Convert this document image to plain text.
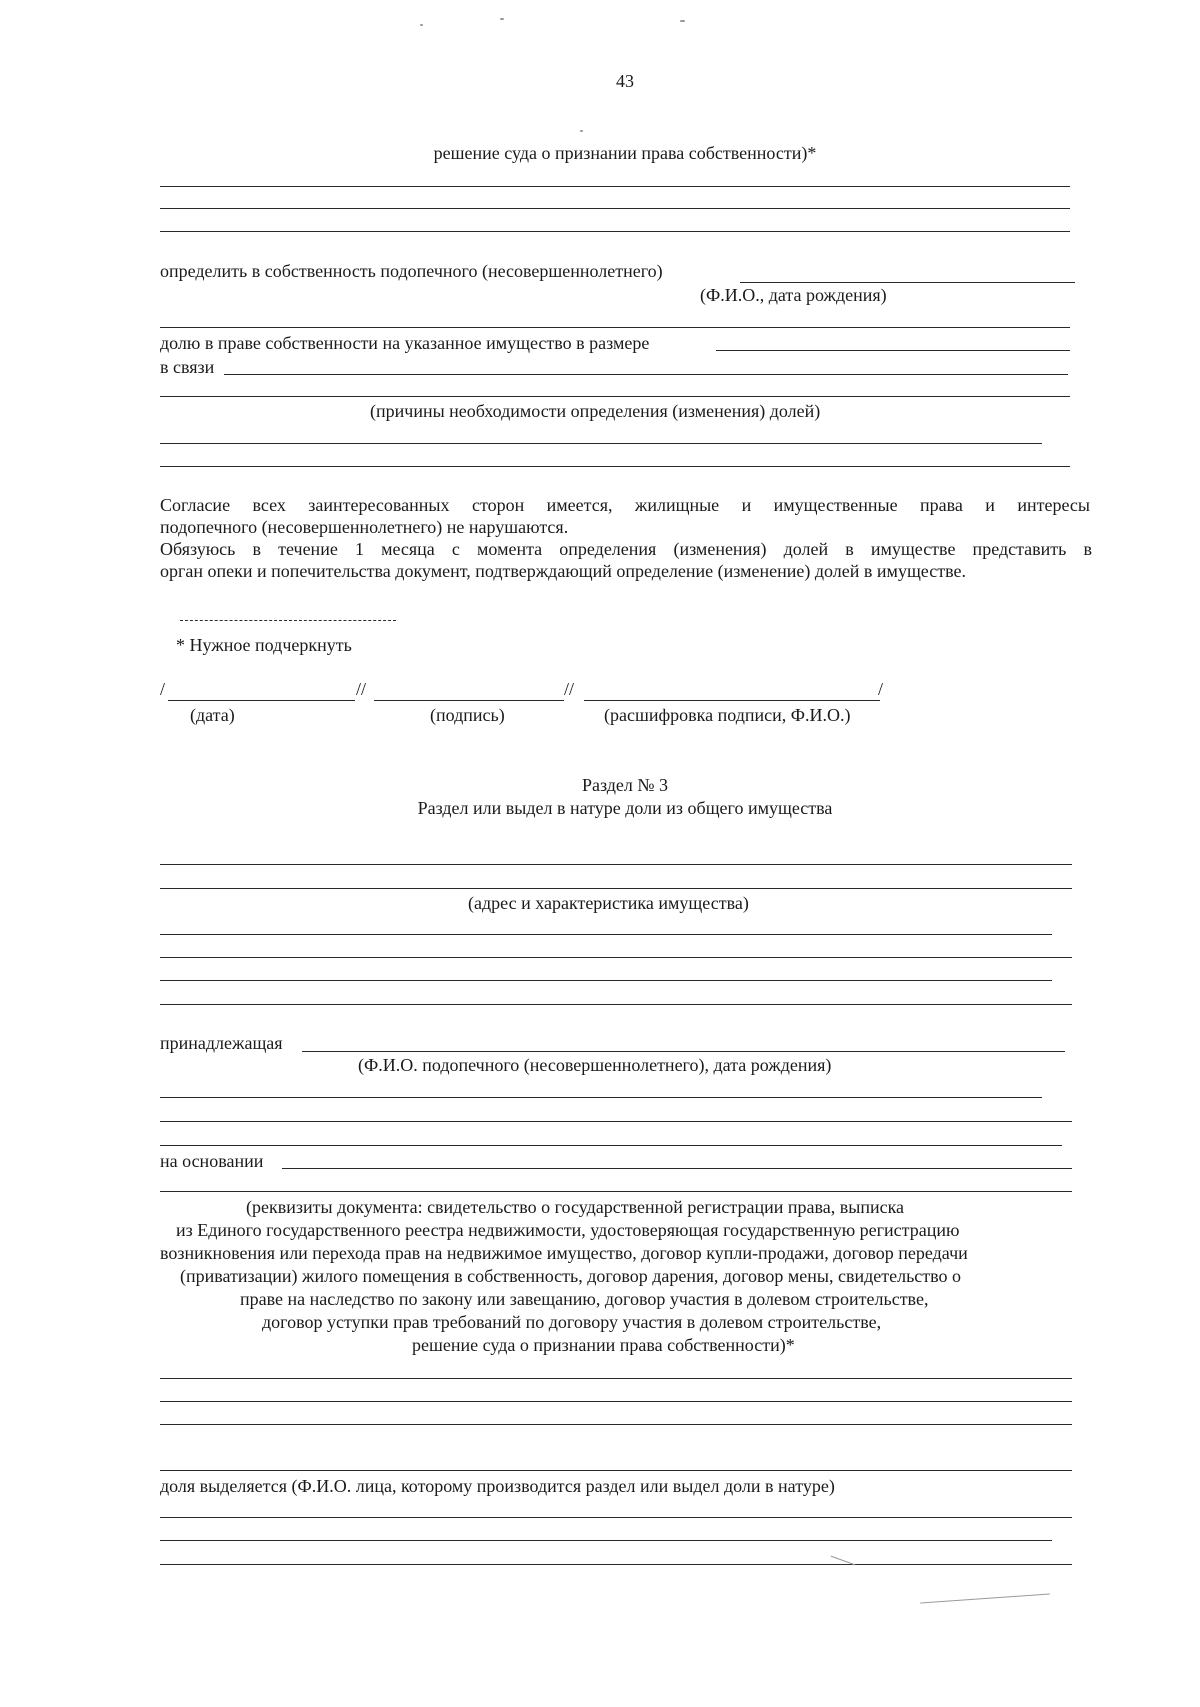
43
решение суда о признании права собственности)*
определить в собственность подопечного (несовершеннолетнего)
(Ф.И.О., дата рождения)
долю в праве собственности на указанное имущество в размере
в связи
(причины необходимости определения (изменения) долей)
Согласие всех заинтересованных сторон имеется, жилищные и имущественные права и интересы
подопечного (несовершеннолетнего) не нарушаются.
Обязуюсь в течение 1 месяца с момента определения (изменения) долей в имуществе представить в
орган опеки и попечительства документ, подтверждающий определение (изменение) долей в имуществе.
* Нужное подчеркнуть
/	//	//	/
(дата)	(подпись)	(расшифровка подписи, Ф.И.О.)
Раздел № 3
Раздел или выдел в натуре доли из общего имущества
(адрес и характеристика имущества)
принадлежащая
(Ф.И.О. подопечного (несовершеннолетнего), дата рождения)
на основании
(реквизиты документа: свидетельство о государственной регистрации права, выписка
из Единого государственного реестра недвижимости, удостоверяющая государственную регистрацию
возникновения или перехода прав на недвижимое имущество, договор купли-продажи, договор передачи
(приватизации) жилого помещения в собственность, договор дарения, договор мены, свидетельство о
праве на наследство по закону или завещанию, договор участия в долевом строительстве,
договор уступки прав требований по договору участия в долевом строительстве,
решение суда о признании права собственности)*
доля выделяется (Ф.И.О. лица, которому производится раздел или выдел доли в натуре)
